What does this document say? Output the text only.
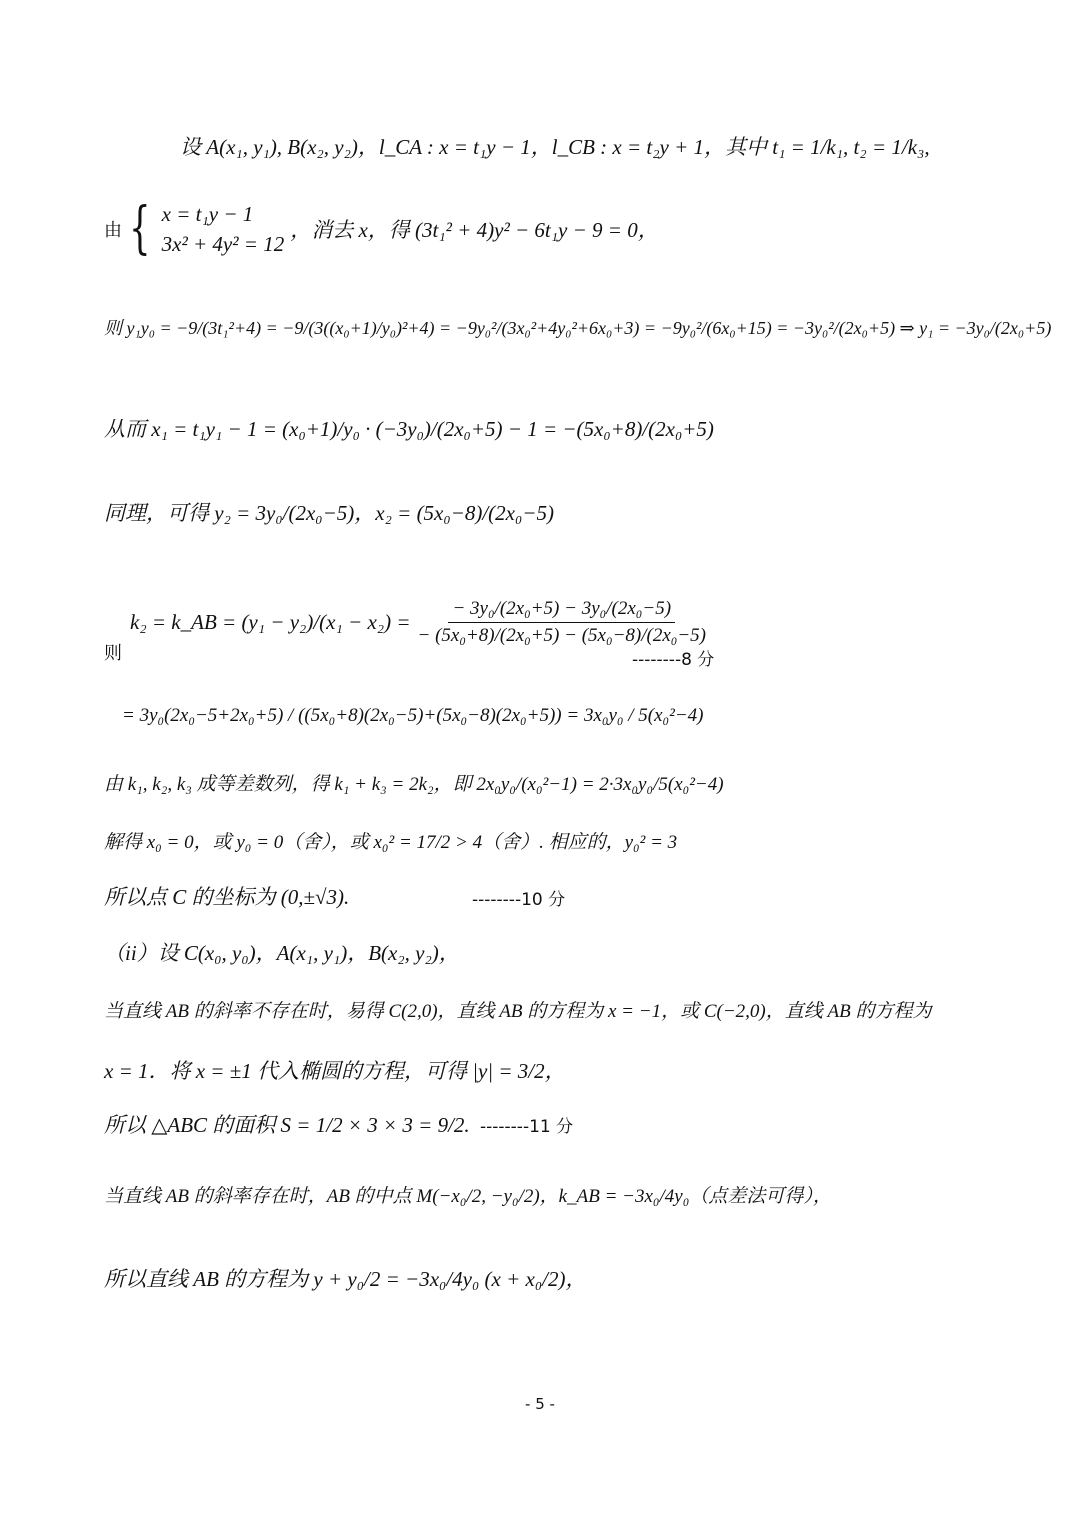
设 A(x₁, y₁), B(x₂, y₂)，l_CA : x = t₁y − 1，l_CB : x = t₂y + 1，其中 t₁ = 1/k₁, t₂ = 1/k₃,
由 { x = t₁y − 1
3x² + 4y² = 12
，消去 x，得 (3t₁² + 4)y² − 6t₁y − 9 = 0，
则 y₁y₀ = −9/(3t₁²+4) = −9/(3((x₀+1)/y₀)²+4) = −9y₀²/(3x₀²+4y₀²+6x₀+3) = −9y₀²/(6x₀+15) = −3y₀²/(2x₀+5) ⇒ y₁ = −3y₀/(2x₀+5)
从而 x₁ = t₁y₁ − 1 = (x₀+1)/y₀ · (−3y₀)/(2x₀+5) − 1 = −(5x₀+8)/(2x₀+5)
同理，可得 y₂ = 3y₀/(2x₀−5)，x₂ = (5x₀−8)/(2x₀−5)
则
k₂ = k_AB = $(y_1 - y_2)/(x_1 - x_2) = \frac{\text{− 3y₀/(2x₀+5) − 3y₀/(2x₀−5)}}{\text{− (5x₀+8)/(2x₀+5) − (5x₀−8)/(2x₀−5)}}$
--------8 分
= 3y₀(2x₀−5+2x₀+5) / ((5x₀+8)(2x₀−5)+(5x₀−8)(2x₀+5)) = 3x₀y₀ / 5(x₀²−4)
由 k₁, k₂, k₃ 成等差数列，得 k₁ + k₃ = 2k₂，即 2x₀y₀/(x₀²−1) = 2·3x₀y₀/5(x₀²−4)
解得 x₀ = 0，或 y₀ = 0（舍），或 x₀² = 17/2 > 4（舍）. 相应的，y₀² = 3
所以点 C 的坐标为 (0,±√3).	--------10 分
（ii）设 C(x₀, y₀)，A(x₁, y₁)，B(x₂, y₂)，
当直线 AB 的斜率不存在时，易得 C(2,0)，直线 AB 的方程为 x = −1，或 C(−2,0)，直线 AB 的方程为
x = 1．将 x = ±1 代入椭圆的方程，可得 |y| = 3/2，
所以 △ABC 的面积 S = 1/2 × 3 × 3 = 9/2. --------11 分
当直线 AB 的斜率存在时，AB 的中点 M(−x₀/2, −y₀/2)，k_AB = −3x₀/4y₀（点差法可得），
所以直线 AB 的方程为 y + y₀/2 = −3x₀/4y₀ (x + x₀/2)，
- 5 -
